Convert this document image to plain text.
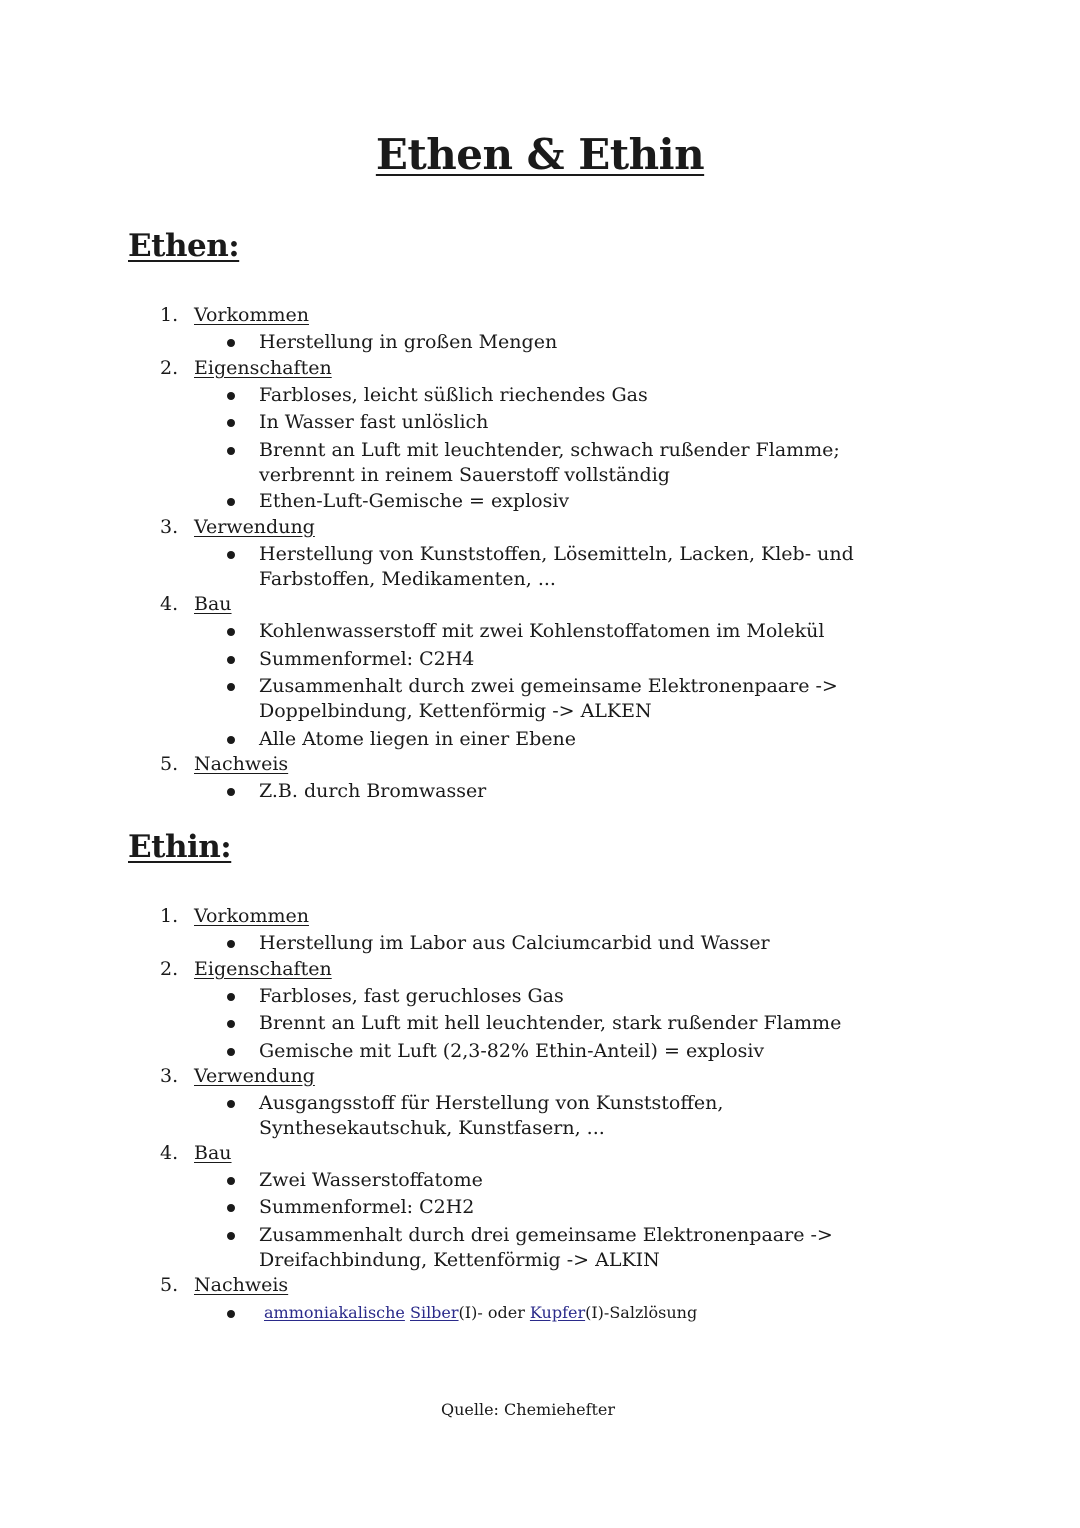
Ethen & Ethin
Ethen:
1. Vorkommen
Herstellung in großen Mengen
2. Eigenschaften
Farbloses, leicht süßlich riechendes Gas
In Wasser fast unlöslich
Brennt an Luft mit leuchtender, schwach rußender Flamme; verbrennt in reinem Sauerstoff vollständig
Ethen-Luft-Gemische = explosiv
3. Verwendung
Herstellung von Kunststoffen, Lösemitteln, Lacken, Kleb- und Farbstoffen, Medikamenten, ...
4. Bau
Kohlenwasserstoff mit zwei Kohlenstoffatomen im Molekül
Summenformel: C2H4
Zusammenhalt durch zwei gemeinsame Elektronenpaare -> Doppelbindung, Kettenförmig -> ALKEN
Alle Atome liegen in einer Ebene
5. Nachweis
Z.B. durch Bromwasser
Ethin:
1. Vorkommen
Herstellung im Labor aus Calciumcarbid und Wasser
2. Eigenschaften
Farbloses, fast geruchloses Gas
Brennt an Luft mit hell leuchtender, stark rußender Flamme
Gemische mit Luft (2,3-82% Ethin-Anteil) = explosiv
3. Verwendung
Ausgangsstoff für Herstellung von Kunststoffen, Synthesekautschuk, Kunstfasern, ...
4. Bau
Zwei Wasserstoffatome
Summenformel: C2H2
Zusammenhalt durch drei gemeinsame Elektronenpaare -> Dreifachbindung, Kettenförmig -> ALKIN
5. Nachweis
ammoniakalische Silber(I)- oder Kupfer(I)-Salzlösung
Quelle: Chemiehefter
